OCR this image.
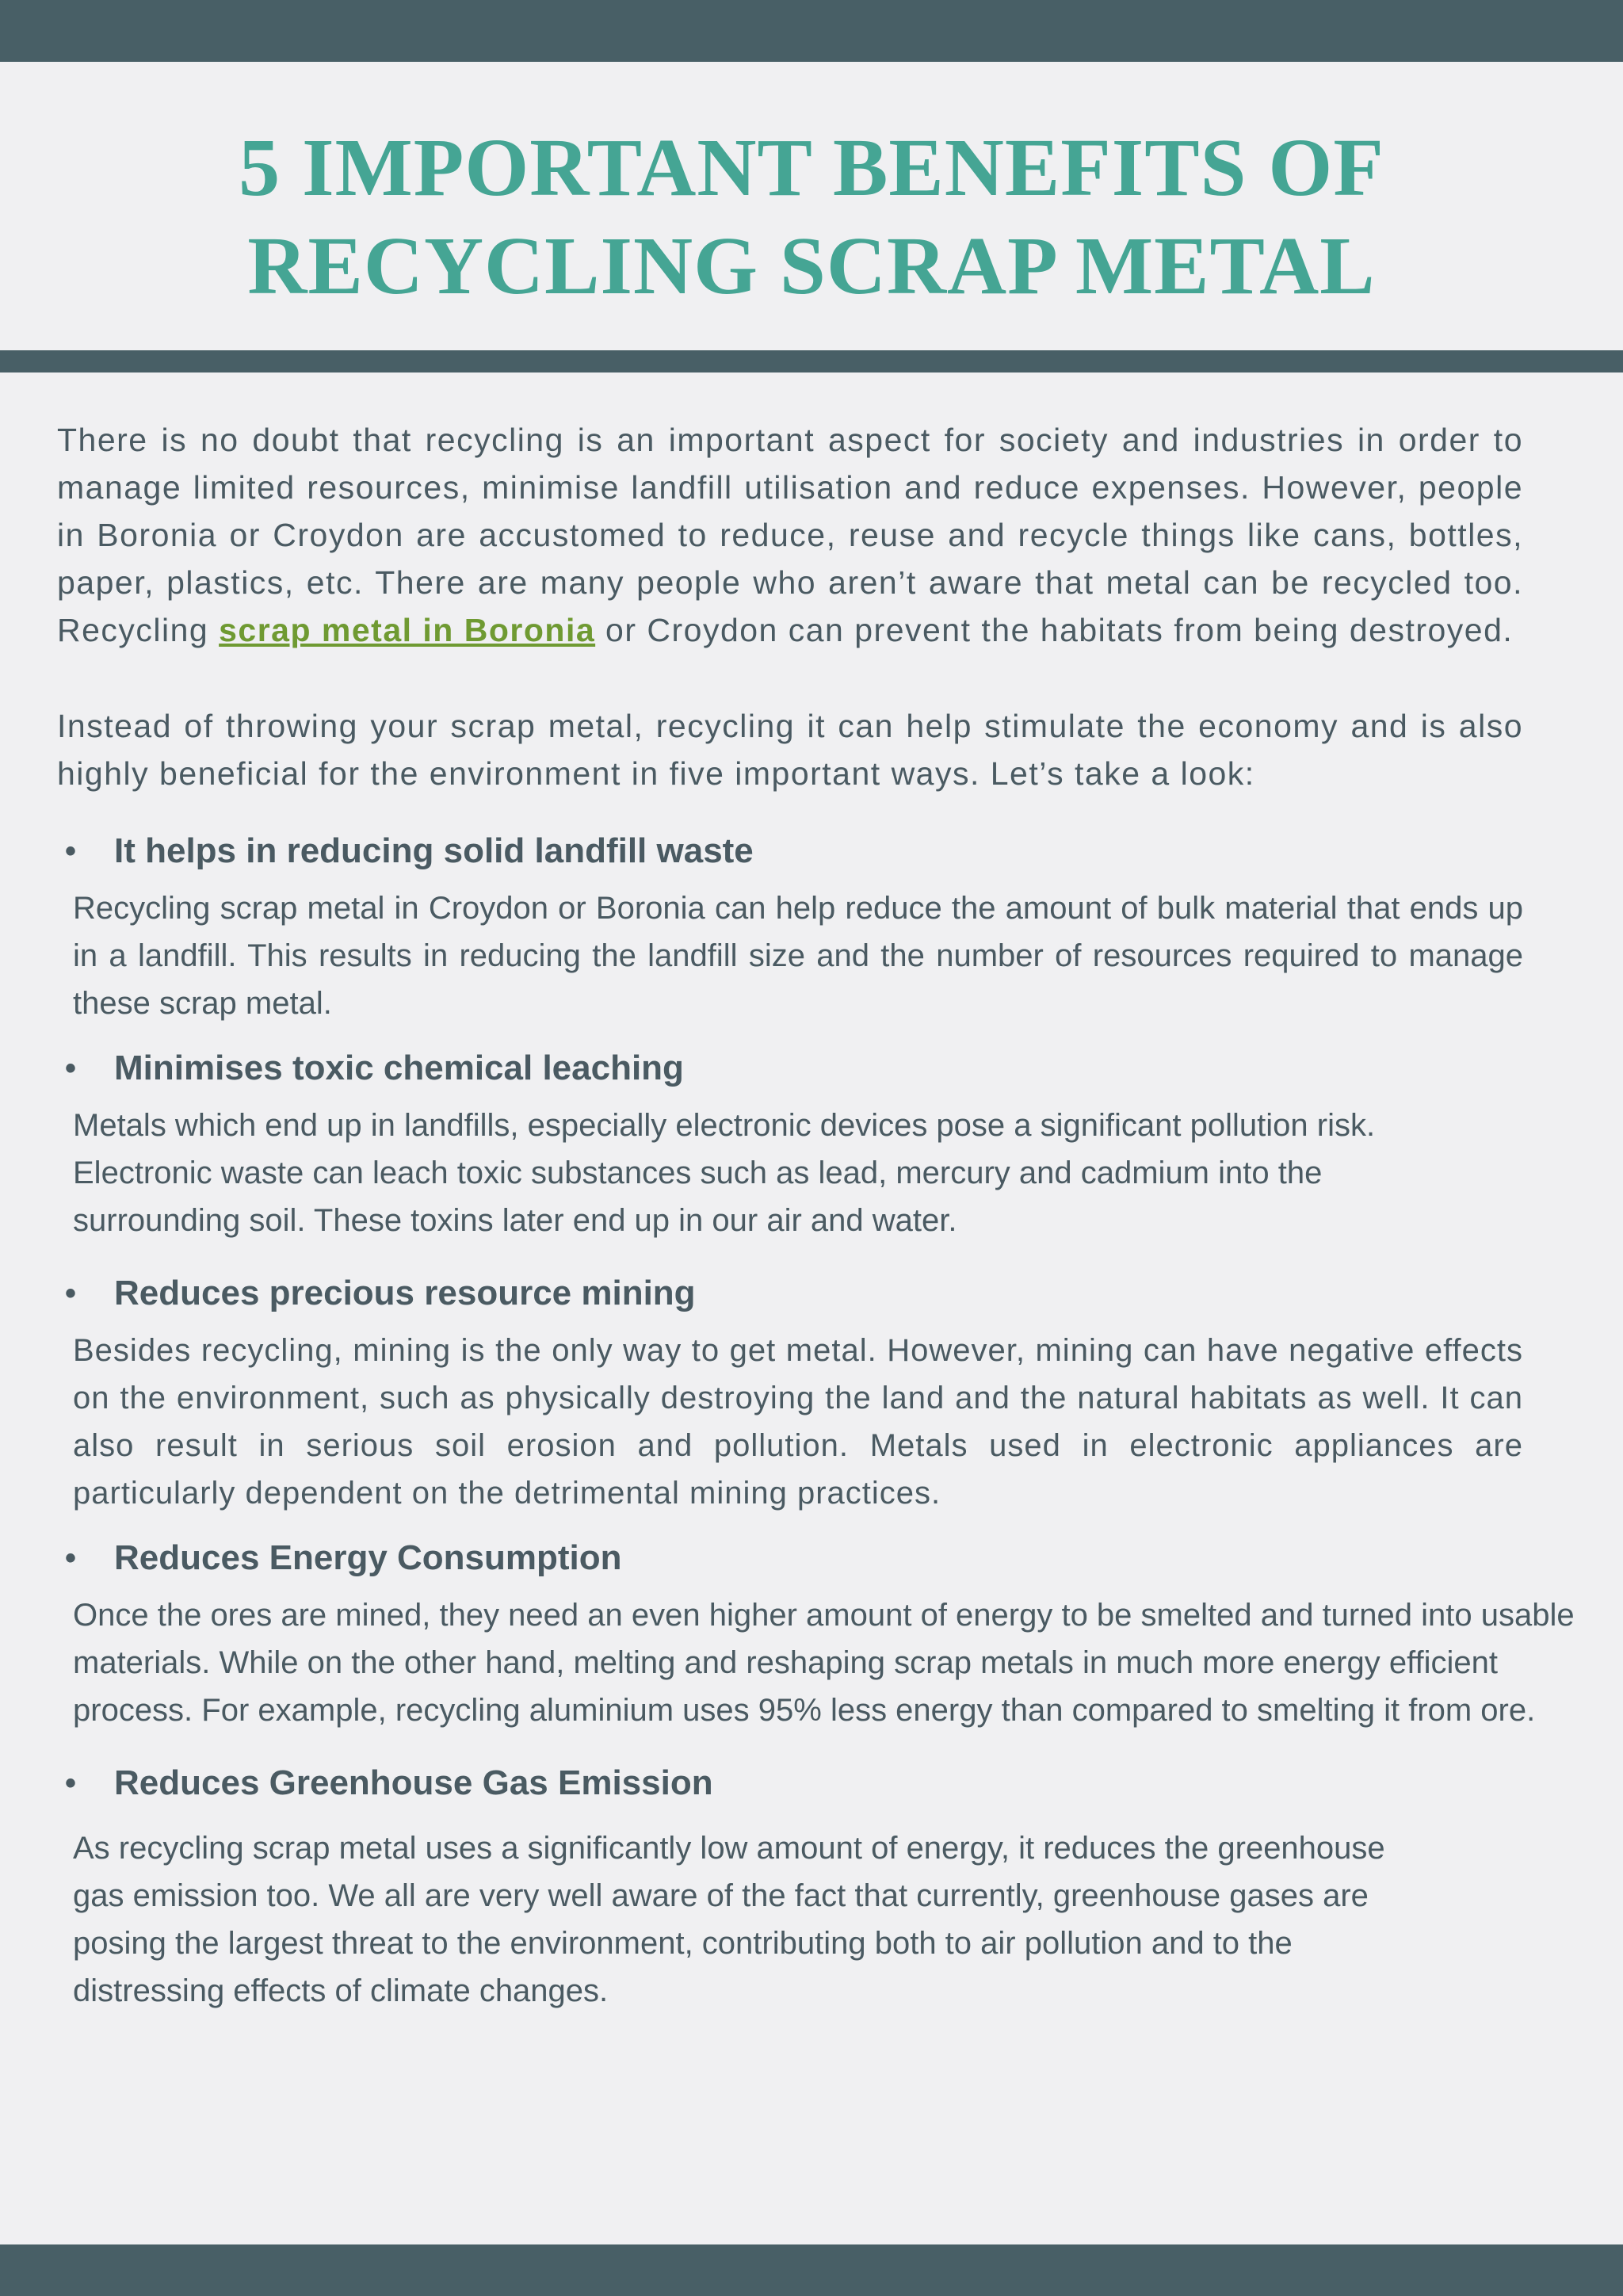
5 IMPORTANT BENEFITS OF
RECYCLING SCRAP METAL

There is no doubt that recycling is an important aspect for society and industries in order to manage limited resources, minimise landfill utilisation and reduce expenses. However, people in Boronia or Croydon are accustomed to reduce, reuse and recycle things like cans, bottles, paper, plastics, etc. There are many people who aren’t aware that metal can be recycled too. Recycling scrap metal in Boronia or Croydon can prevent the habitats from being destroyed.

Instead of throwing your scrap metal, recycling it can help stimulate the economy and is also highly beneficial for the environment in five important ways. Let’s take a look:

• It helps in reducing solid landfill waste

Recycling scrap metal in Croydon or Boronia can help reduce the amount of bulk material that ends up in a landfill. This results in reducing the landfill size and the number of resources required to manage these scrap metal.

• Minimises toxic chemical leaching

Metals which end up in landfills, especially electronic devices pose a significant pollution risk. Electronic waste can leach toxic substances such as lead, mercury and cadmium into the surrounding soil. These toxins later end up in our air and water.

• Reduces precious resource mining

Besides recycling, mining is the only way to get metal. However, mining can have negative effects on the environment, such as physically destroying the land and the natural habitats as well. It can also result in serious soil erosion and pollution. Metals used in electronic appliances are particularly dependent on the detrimental mining practices.

• Reduces Energy Consumption

Once the ores are mined, they need an even higher amount of energy to be smelted and turned into usable materials. While on the other hand, melting and reshaping scrap metals in much more energy efficient process. For example, recycling aluminium uses 95% less energy than compared to smelting it from ore.

• Reduces Greenhouse Gas Emission

As recycling scrap metal uses a significantly low amount of energy, it reduces the greenhouse gas emission too. We all are very well aware of the fact that currently, greenhouse gases are posing the largest threat to the environment, contributing both to air pollution and to the distressing effects of climate changes.
